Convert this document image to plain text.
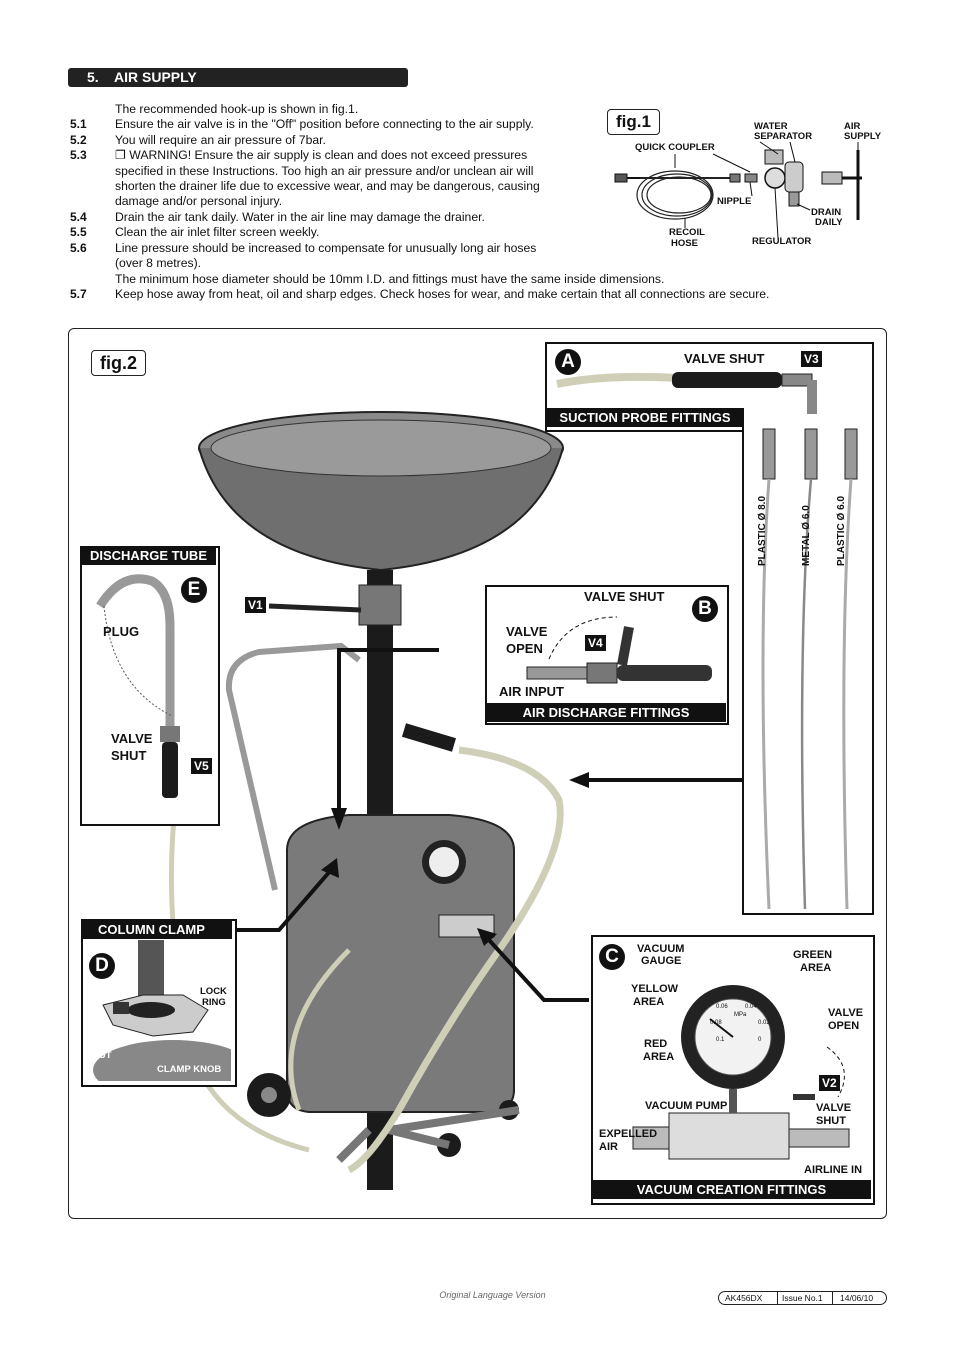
5. AIR SUPPLY
The recommended hook-up is shown in fig.1.
5.1 Ensure the air valve is in the "Off" position before connecting to the air supply.
5.2 You will require an air pressure of 7bar.
5.3 ❐ WARNING! Ensure the air supply is clean and does not exceed pressures
specified in these Instructions. Too high an air pressure and/or unclean air will
shorten the drainer life due to excessive wear, and may be dangerous, causing
damage and/or personal injury.
5.4 Drain the air tank daily. Water in the air line may damage the drainer.
5.5 Clean the air inlet filter screen weekly.
5.6 Line pressure should be increased to compensate for unusually long air hoses
(over 8 metres).
The minimum hose diameter should be 10mm I.D. and fittings must have the same inside dimensions.
5.7 Keep hose away from heat, oil and sharp edges. Check hoses for wear, and make certain that all connections are secure.
fig.1
QUICK COUPLER
WATER
SEPARATOR
AIR
SUPPLY
NIPPLE
DRAIN
DAILY
RECOIL
HOSE	REGULATOR
fig.2
V1
A	VALVE SHUT	V3
SUCTION PROBE FITTINGS
PLASTIC Ø 8.0	METAL Ø 6.0 PLASTIC Ø 6.0
B
VALVE SHUT
VALVE
OPEN	V4
AIR INPUT
AIR DISCHARGE FITTINGS
C	VACUUM
GAUGE	GREEN
AREA
YELLOW
AREA
VALVE
OPEN
RED
AREA
V2
VACUUM PUMP	VALVE
SHUT
EXPELLED
AIR
AIRLINE IN
VACUUM CREATION FITTINGS
0.06	0.04
0.08	0.02
0.1	0
MPa
COLUMN CLAMP
D
LOCK
RING
LOCK
NUT
CLAMP KNOB
DISCHARGE TUBE
E
PLUG
VALVE
SHUT
V5
Original Language Version	AK456DX Issue No.1 14/06/10
